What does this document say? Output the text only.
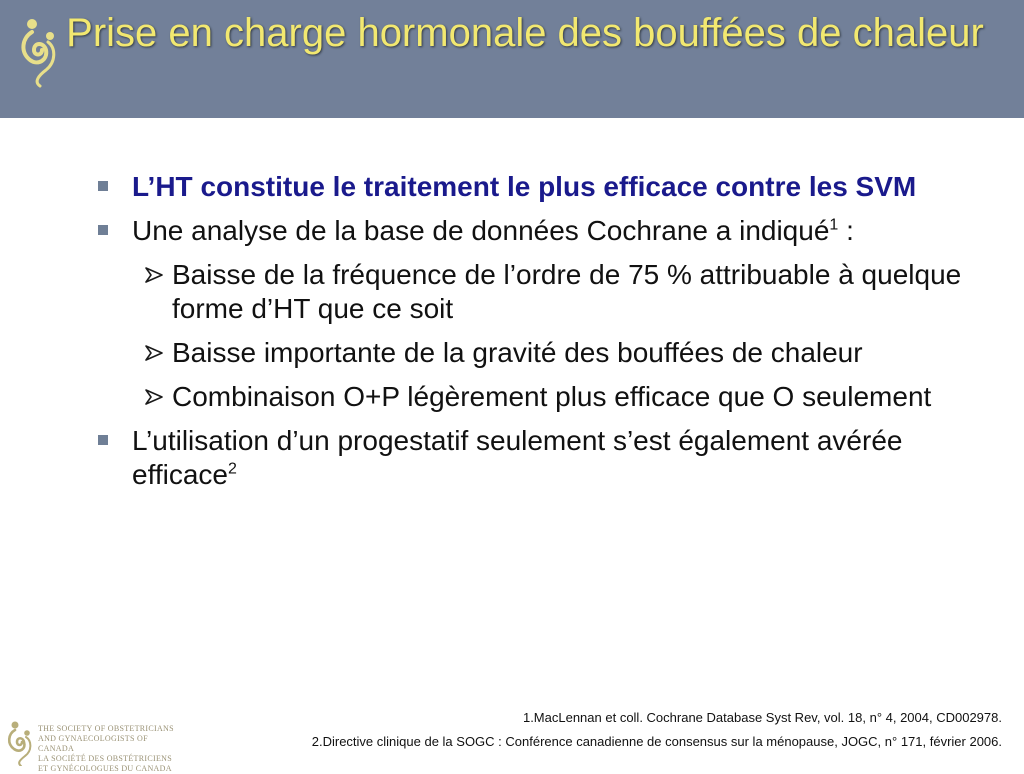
Prise en charge hormonale des bouffées de chaleur
L’HT constitue le traitement le plus efficace contre les SVM
Une analyse de la base de données Cochrane a indiqué$^1$ :
Baisse de la fréquence de l’ordre de 75 % attribuable à quelque forme d’HT que ce soit
Baisse importante de la gravité des bouffées de chaleur
Combinaison O+P légèrement plus efficace que O seulement
L’utilisation d’un progestatif seulement s’est également avérée efficace$^2$
1.MacLennan et coll. Cochrane Database Syst Rev, vol. 18, n° 4, 2004, CD002978.
2.Directive clinique de la SOGC : Conférence canadienne de consensus sur la ménopause, JOGC, n° 171, février 2006.
THE SOCIETY OF OBSTETRICIANS
AND GYNAECOLOGISTS OF CANADA
LA SOCIÉTÉ DES OBSTÉTRICIENS
ET GYNÉCOLOGUES DU CANADA
